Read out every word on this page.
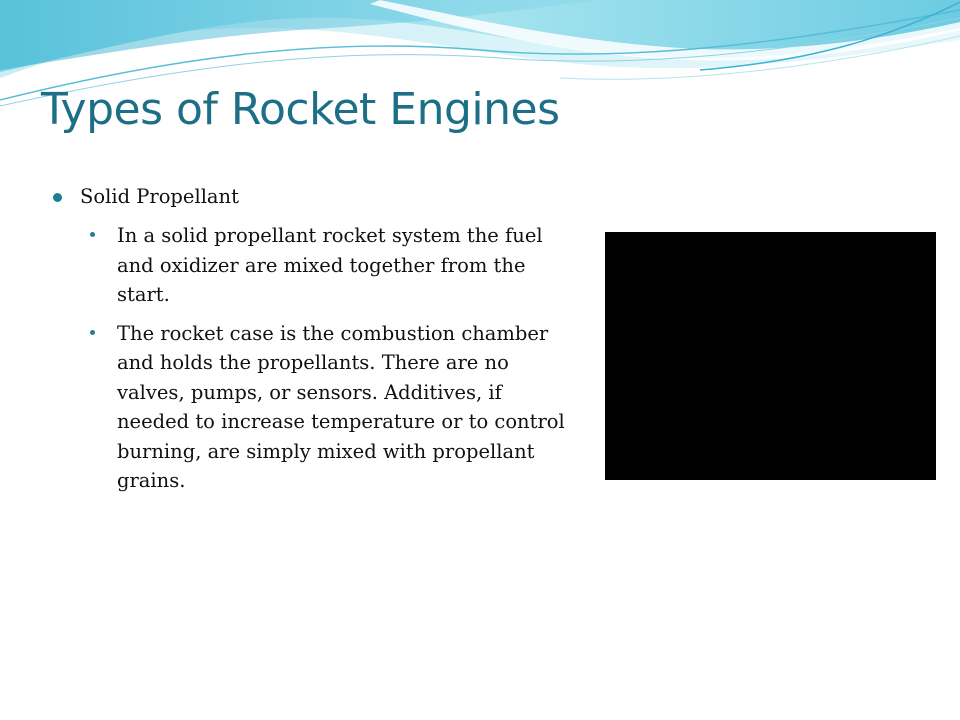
Types of Rocket Engines
Solid Propellant
In a solid propellant rocket system the fuel and oxidizer are mixed together from the start.
The rocket case is the combustion chamber and holds the propellants. There are no valves, pumps, or sensors. Additives, if needed to increase temperature or to control burning, are simply mixed with propellant grains.
